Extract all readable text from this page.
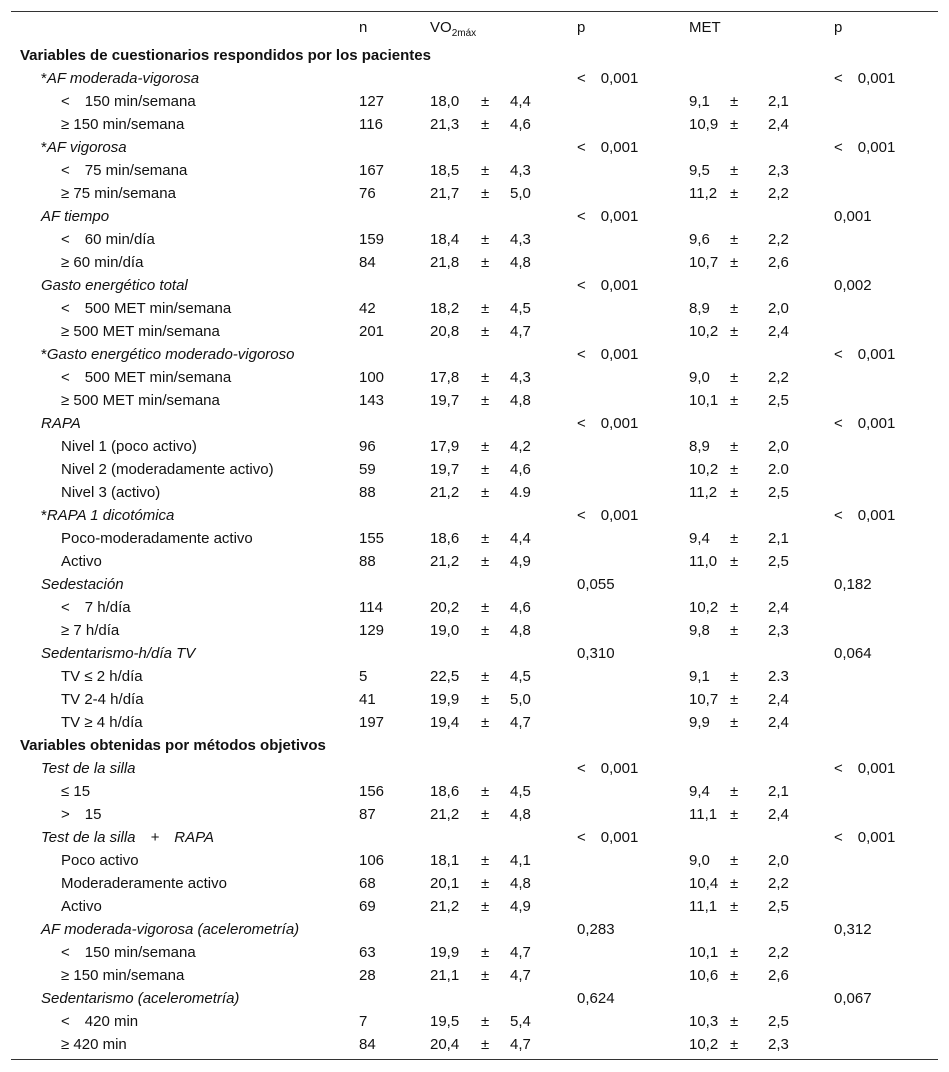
n	$VO_{2máx}$	p	MET	p
Variables de cuestionarios respondidos por los pacientes
*AF moderada-vigorosa	< 0,001	< 0,001
< 150 min/semana	127	18,0 ± 4,4	9,1 ± 2,1
≥ 150 min/semana	116	21,3 ± 4,6	10,9 ± 2,4
*AF vigorosa	< 0,001	< 0,001
< 75 min/semana	167	18,5 ± 4,3	9,5 ± 2,3
≥ 75 min/semana	76	21,7 ± 5,0	11,2 ± 2,2
AF tiempo	< 0,001	0,001
< 60 min/día	159	18,4 ± 4,3	9,6 ± 2,2
≥ 60 min/día	84	21,8 ± 4,8	10,7 ± 2,6
Gasto energético total	< 0,001	0,002
< 500 MET min/semana	42	18,2 ± 4,5	8,9 ± 2,0
≥ 500 MET min/semana	201	20,8 ± 4,7	10,2 ± 2,4
*Gasto energético moderado-vigoroso	< 0,001	< 0,001
< 500 MET min/semana	100	17,8 ± 4,3	9,0 ± 2,2
≥ 500 MET min/semana	143	19,7 ± 4,8	10,1 ± 2,5
RAPA	< 0,001	< 0,001
Nivel 1 (poco activo)	96	17,9 ± 4,2	8,9 ± 2,0
Nivel 2 (moderadamente activo)	59	19,7 ± 4,6	10,2 ± 2.0
Nivel 3 (activo)	88	21,2 ± 4.9	11,2 ± 2,5
*RAPA 1 dicotómica	< 0,001	< 0,001
Poco-moderadamente activo	155	18,6 ± 4,4	9,4 ± 2,1
Activo	88	21,2 ± 4,9	11,0 ± 2,5
Sedestación	0,055	0,182
< 7 h/día	114	20,2 ± 4,6	10,2 ± 2,4
≥ 7 h/día	129	19,0 ± 4,8	9,8 ± 2,3
Sedentarismo-h/día TV	0,310	0,064
TV ≤ 2 h/día	5	22,5 ± 4,5	9,1 ± 2.3
TV 2-4 h/día	41	19,9 ± 5,0	10,7 ± 2,4
TV ≥ 4 h/día	197	19,4 ± 4,7	9,9 ± 2,4
Variables obtenidas por métodos objetivos
Test de la silla	< 0,001	< 0,001
≤ 15	156	18,6 ± 4,5	9,4 ± 2,1
> 15	87	21,2 ± 4,8	11,1 ± 2,4
Test de la silla + RAPA	< 0,001	< 0,001
Poco activo	106	18,1 ± 4,1	9,0 ± 2,0
Moderaderamente activo	68	20,1 ± 4,8	10,4 ± 2,2
Activo	69	21,2 ± 4,9	11,1 ± 2,5
AF moderada-vigorosa (acelerometría)	0,283	0,312
< 150 min/semana	63	19,9 ± 4,7	10,1 ± 2,2
≥ 150 min/semana	28	21,1 ± 4,7	10,6 ± 2,6
Sedentarismo (acelerometría)	0,624	0,067
< 420 min	7	19,5 ± 5,4	10,3 ± 2,5
≥ 420 min	84	20,4 ± 4,7	10,2 ± 2,3
